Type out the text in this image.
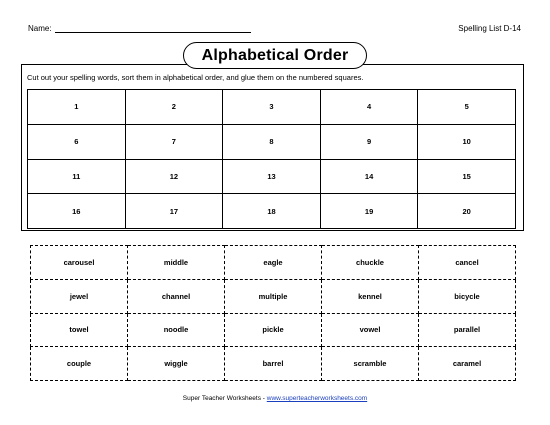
Name:	Spelling List D-14
Alphabetical Order
Cut out your spelling words, sort them in alphabetical order, and glue them on the numbered squares.
1	2	3	4	5
6	7	8	9	10
11	12	13	14	15
16	17	18	19	20
carousel	middle	eagle	chuckle	cancel
jewel	channel	multiple	kennel	bicycle
towel	noodle	pickle	vowel	parallel
couple	wiggle	barrel	scramble	caramel
Super Teacher Worksheets - www.superteacherworksheets.com
